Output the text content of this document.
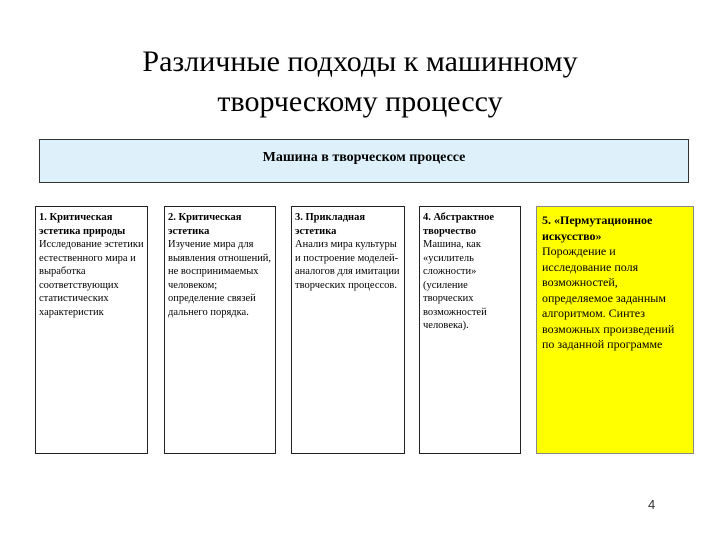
Различные подходы к машинному
творческому процессу
Машина в творческом процессе
1. Критическая эстетика природы
Исследование эстетики естественного мира и выработка соответствующих статистических характеристик
2. Критическая эстетика
Изучение мира для выявления отношений, не воспринимаемых человеком; определение связей дальнего порядка.
3. Прикладная эстетика
Анализ мира культуры и построение моделей-аналогов для имитации творческих процессов.
4. Абстрактное творчество
Машина, как «усилитель сложности» (усиление творческих возможностей человека).
5. «Пермутационное искусство»
Порождение и исследование поля возможностей, определяемое заданным алгоритмом. Синтез возможных произведений по заданной программе
4
